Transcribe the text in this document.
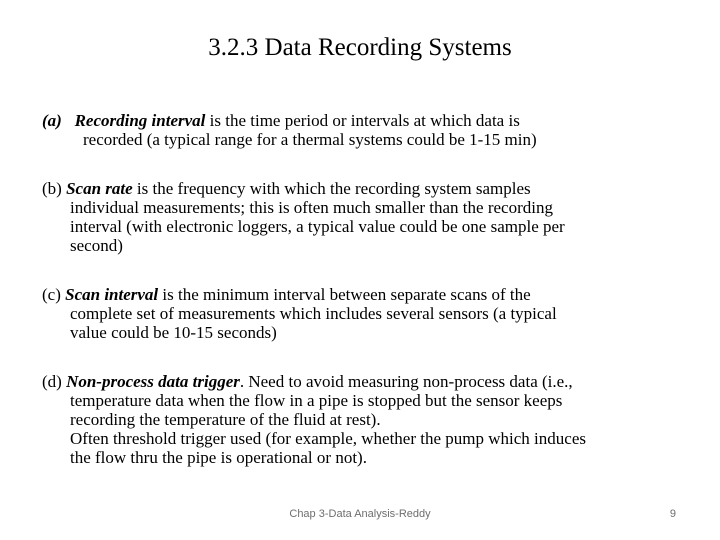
3.2.3 Data Recording Systems
(a) Recording interval is the time period or intervals at which data is
recorded (a typical range for a thermal systems could be 1-15 min)
(b) Scan rate is the frequency with which the recording system samples
individual measurements; this is often much smaller than the recording
interval (with electronic loggers, a typical value could be one sample per
second)
(c) Scan interval is the minimum interval between separate scans of the
complete set of measurements which includes several sensors (a typical
value could be 10-15 seconds)
(d) Non-process data trigger. Need to avoid measuring non-process data (i.e.,
temperature data when the flow in a pipe is stopped but the sensor keeps
recording the temperature of the fluid at rest).
Often threshold trigger used (for example, whether the pump which induces
the flow thru the pipe is operational or not).
Chap 3-Data Analysis-Reddy	9
